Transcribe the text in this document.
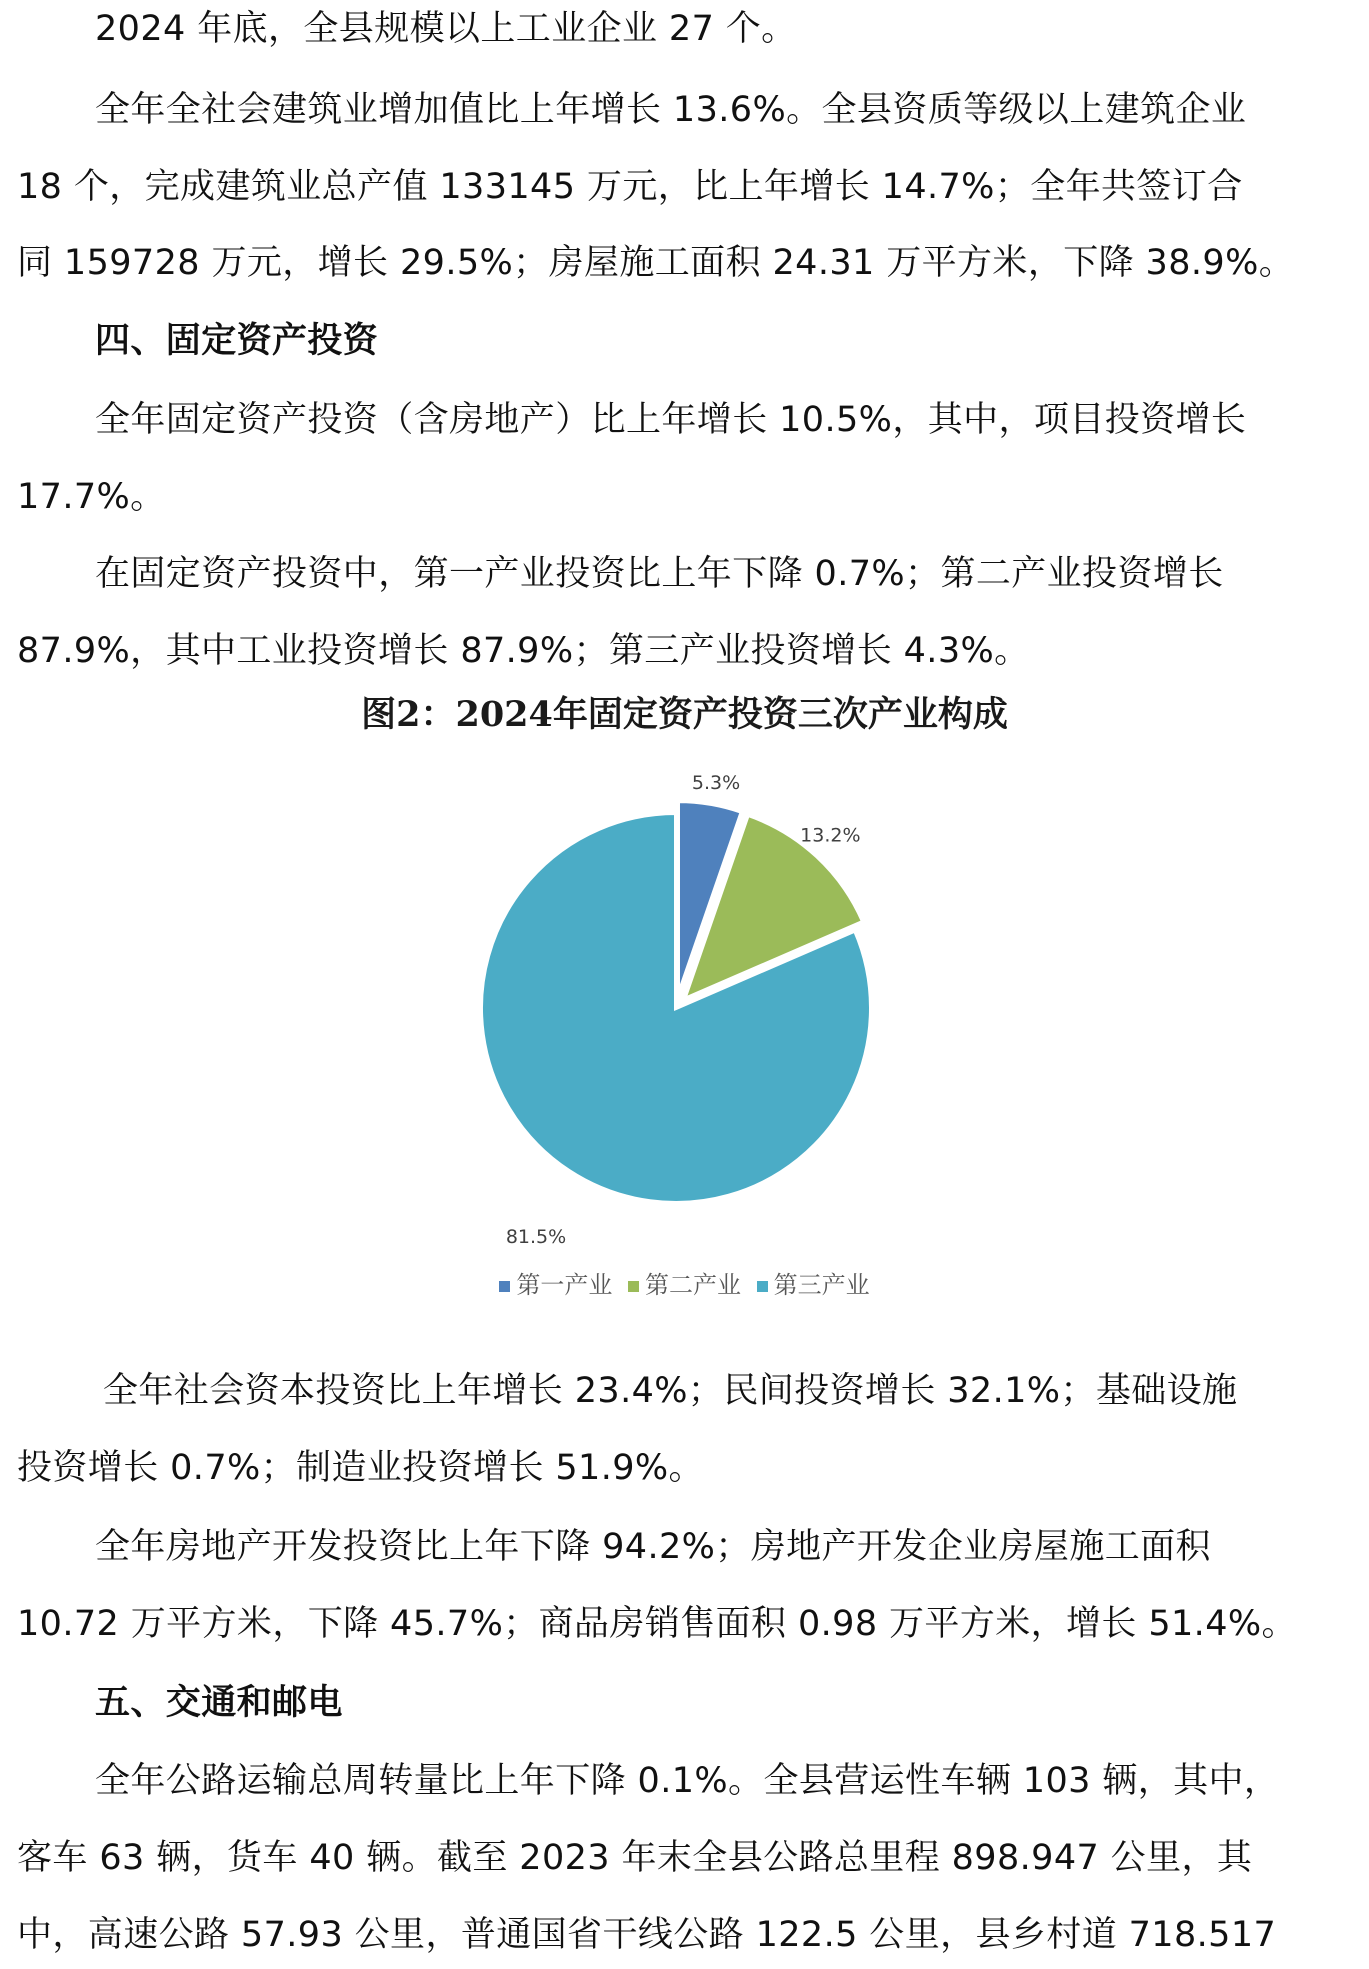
2024 年底，全县规模以上工业企业 27 个。
全年全社会建筑业增加值比上年增长 13.6%。全县资质等级以上建筑企业
18 个，完成建筑业总产值 133145 万元，比上年增长 14.7%；全年共签订合
同 159728 万元，增长 29.5%；房屋施工面积 24.31 万平方米，下降 38.9%。
四、固定资产投资
全年固定资产投资（含房地产）比上年增长 10.5%，其中，项目投资增长
17.7%。
在固定资产投资中，第一产业投资比上年下降 0.7%；第二产业投资增长
87.9%，其中工业投资增长 87.9%；第三产业投资增长 4.3%。
图2：2024年固定资产投资三次产业构成
5.3%
13.2%
81.5%
第一产业 第二产业 第三产业
全年社会资本投资比上年增长 23.4%；民间投资增长 32.1%；基础设施
投资增长 0.7%；制造业投资增长 51.9%。
全年房地产开发投资比上年下降 94.2%；房地产开发企业房屋施工面积
10.72 万平方米，下降 45.7%；商品房销售面积 0.98 万平方米，增长 51.4%。
五、交通和邮电
全年公路运输总周转量比上年下降 0.1%。全县营运性车辆 103 辆，其中，
客车 63 辆，货车 40 辆。截至 2023 年末全县公路总里程 898.947 公里，其
中，高速公路 57.93 公里，普通国省干线公路 122.5 公里，县乡村道 718.517
